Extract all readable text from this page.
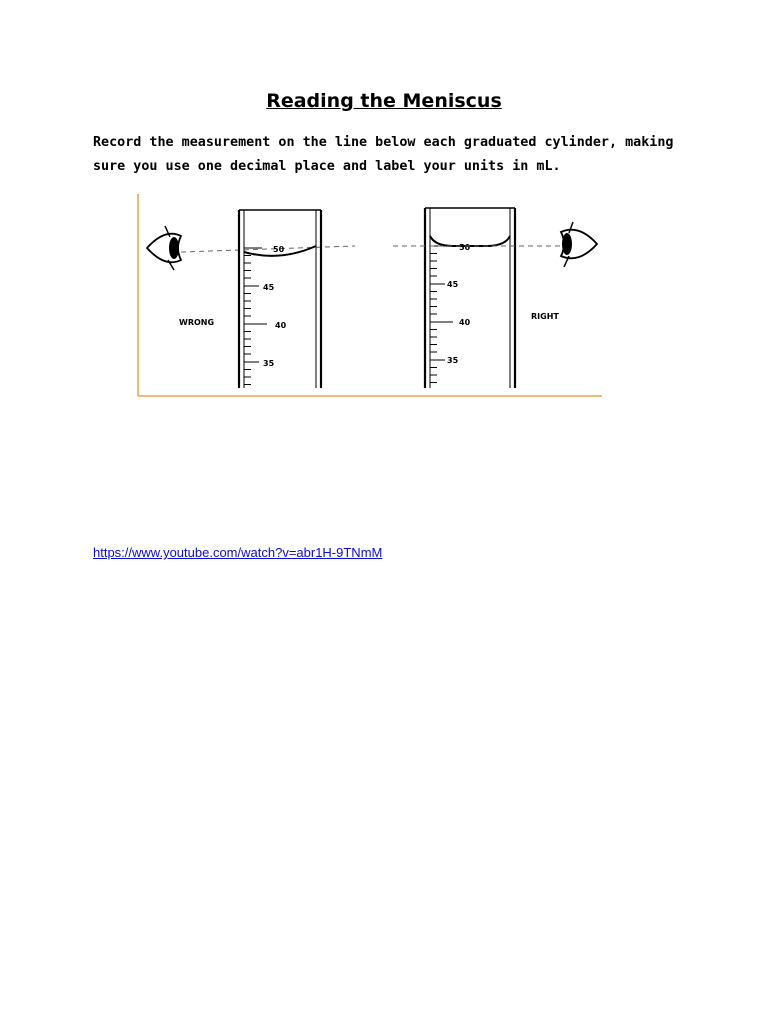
Reading the Meniscus

Record the measurement on the line below each graduated cylinder, making sure you use one decimal place and label your units in mL.

50
45
40
35
WRONG
50
45
40
35
RIGHT
https://www.youtube.com/watch?v=abr1H-9TNmM
